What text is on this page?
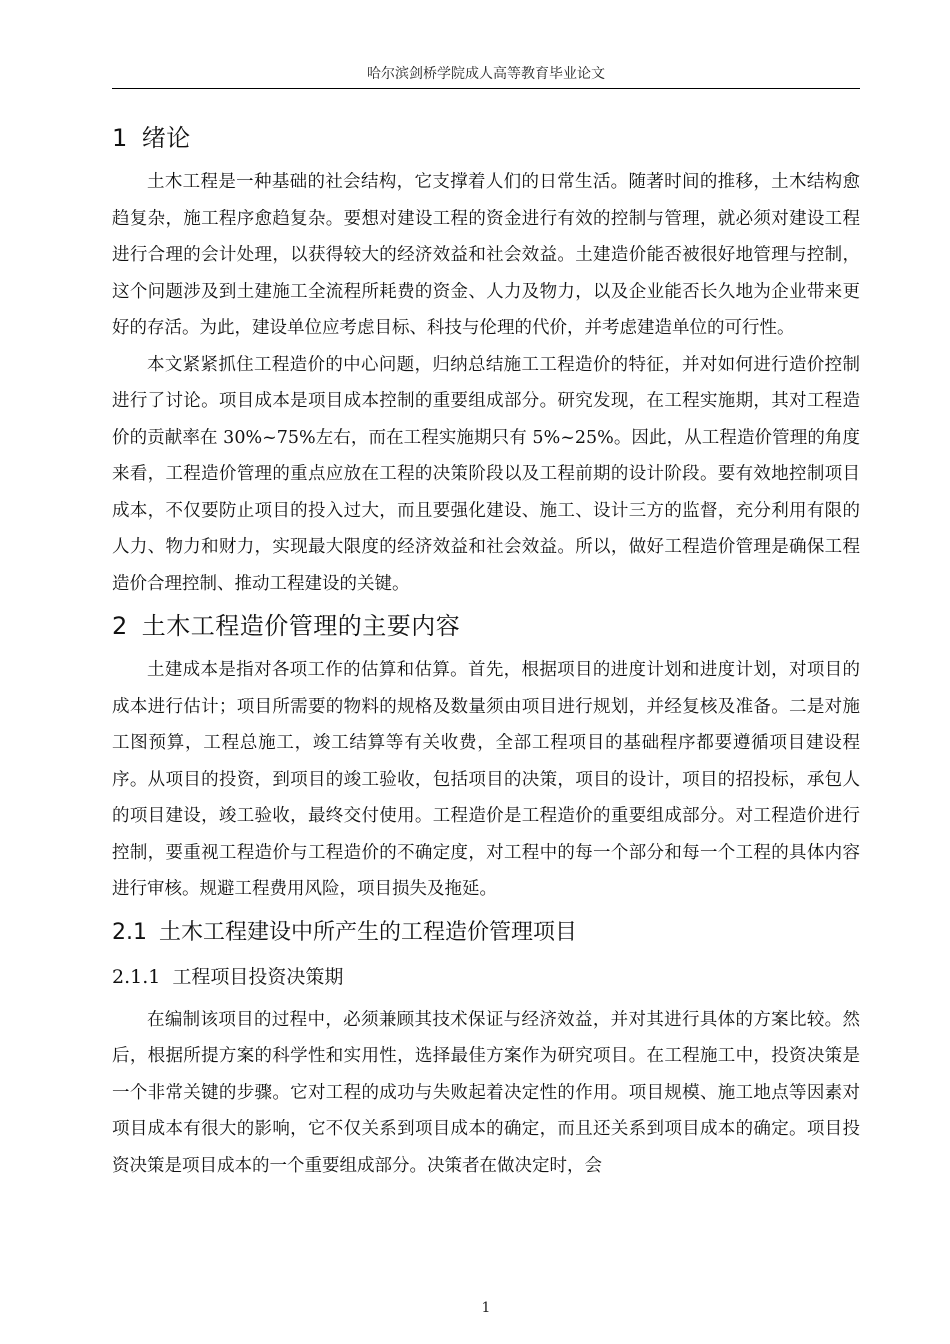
哈尔滨剑桥学院成人高等教育毕业论文
1 绪论

土木工程是一种基础的社会结构，它支撑着人们的日常生活。随著时间的推移，土木结构愈趋复杂，施工程序愈趋复杂。要想对建设工程的资金进行有效的控制与管理，就必须对建设工程进行合理的会计处理，以获得较大的经济效益和社会效益。土建造价能否被很好地管理与控制，这个问题涉及到土建施工全流程所耗费的资金、人力及物力，以及企业能否长久地为企业带来更好的存活。为此，建设单位应考虑目标、科技与伦理的代价，并考虑建造单位的可行性。

本文紧紧抓住工程造价的中心问题，归纳总结施工工程造价的特征，并对如何进行造价控制进行了讨论。项目成本是项目成本控制的重要组成部分。研究发现，在工程实施期，其对工程造价的贡献率在 30%~75%左右，而在工程实施期只有 5%~25%。因此，从工程造价管理的角度来看，工程造价管理的重点应放在工程的决策阶段以及工程前期的设计阶段。要有效地控制项目成本，不仅要防止项目的投入过大，而且要强化建设、施工、设计三方的监督，充分利用有限的人力、物力和财力，实现最大限度的经济效益和社会效益。所以，做好工程造价管理是确保工程造价合理控制、推动工程建设的关键。

2 土木工程造价管理的主要内容

土建成本是指对各项工作的估算和估算。首先，根据项目的进度计划和进度计划，对项目的成本进行估计；项目所需要的物料的规格及数量须由项目进行规划，并经复核及准备。二是对施工图预算，工程总施工，竣工结算等有关收费，全部工程项目的基础程序都要遵循项目建设程序。从项目的投资，到项目的竣工验收，包括项目的决策，项目的设计，项目的招投标，承包人的项目建设，竣工验收，最终交付使用。工程造价是工程造价的重要组成部分。对工程造价进行控制，要重视工程造价与工程造价的不确定度，对工程中的每一个部分和每一个工程的具体内容进行审核。规避工程费用风险，项目损失及拖延。

2.1 土木工程建设中所产生的工程造价管理项目
2.1.1 工程项目投资决策期

在编制该项目的过程中，必须兼顾其技术保证与经济效益，并对其进行具体的方案比较。然后，根据所提方案的科学性和实用性，选择最佳方案作为研究项目。在工程施工中，投资决策是一个非常关键的步骤。它对工程的成功与失败起着决定性的作用。项目规模、施工地点等因素对项目成本有很大的影响，它不仅关系到项目成本的确定，而且还关系到项目成本的确定。项目投资决策是项目成本的一个重要组成部分。决策者在做决定时，会

1
